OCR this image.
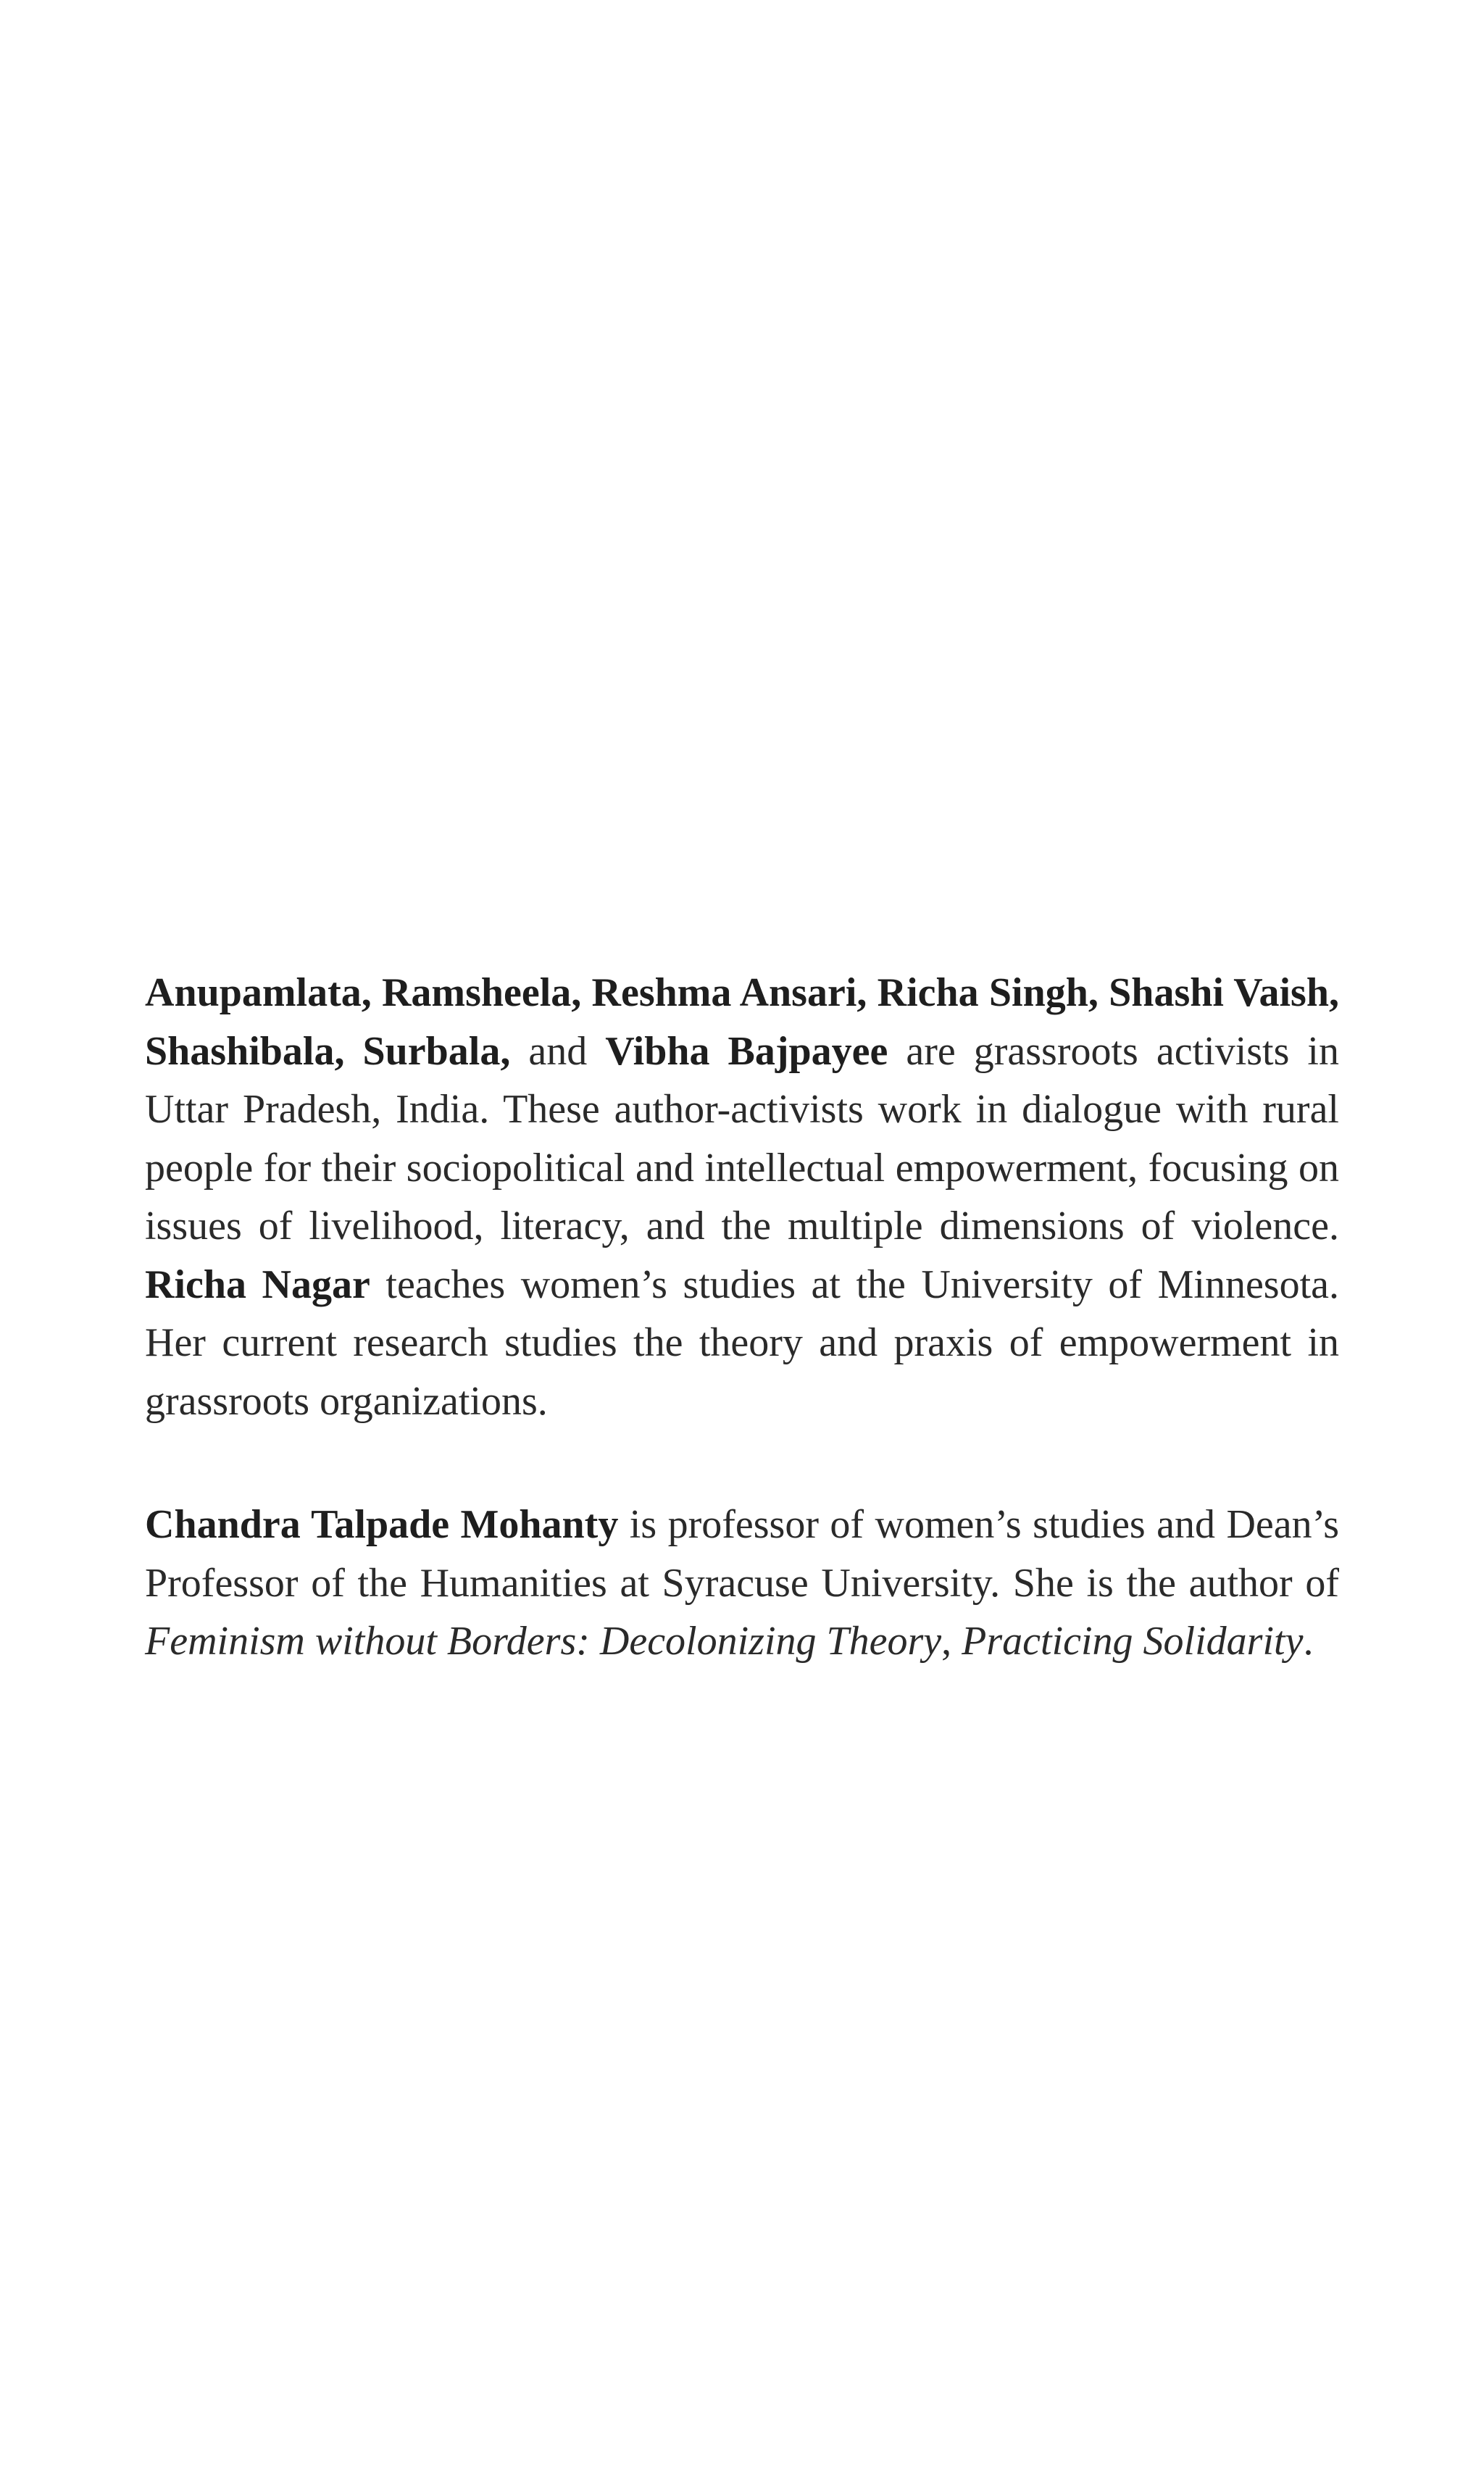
Anupamlata, Ramsheela, Reshma Ansari, Richa Singh, Shashi Vaish, Shashibala, Surbala, and Vibha Bajpayee are grassroots activists in Uttar Pradesh, India. These author-activists work in dialogue with rural people for their sociopolitical and intellectual empowerment, focusing on issues of livelihood, literacy, and the multiple dimensions of violence. Richa Nagar teaches women’s studies at the University of Minnesota. Her current research studies the theory and praxis of empowerment in grassroots organizations.

Chandra Talpade Mohanty is professor of women’s studies and Dean’s Professor of the Humanities at Syracuse University. She is the author of Feminism without Borders: Decolonizing Theory, Practicing Solidarity.
